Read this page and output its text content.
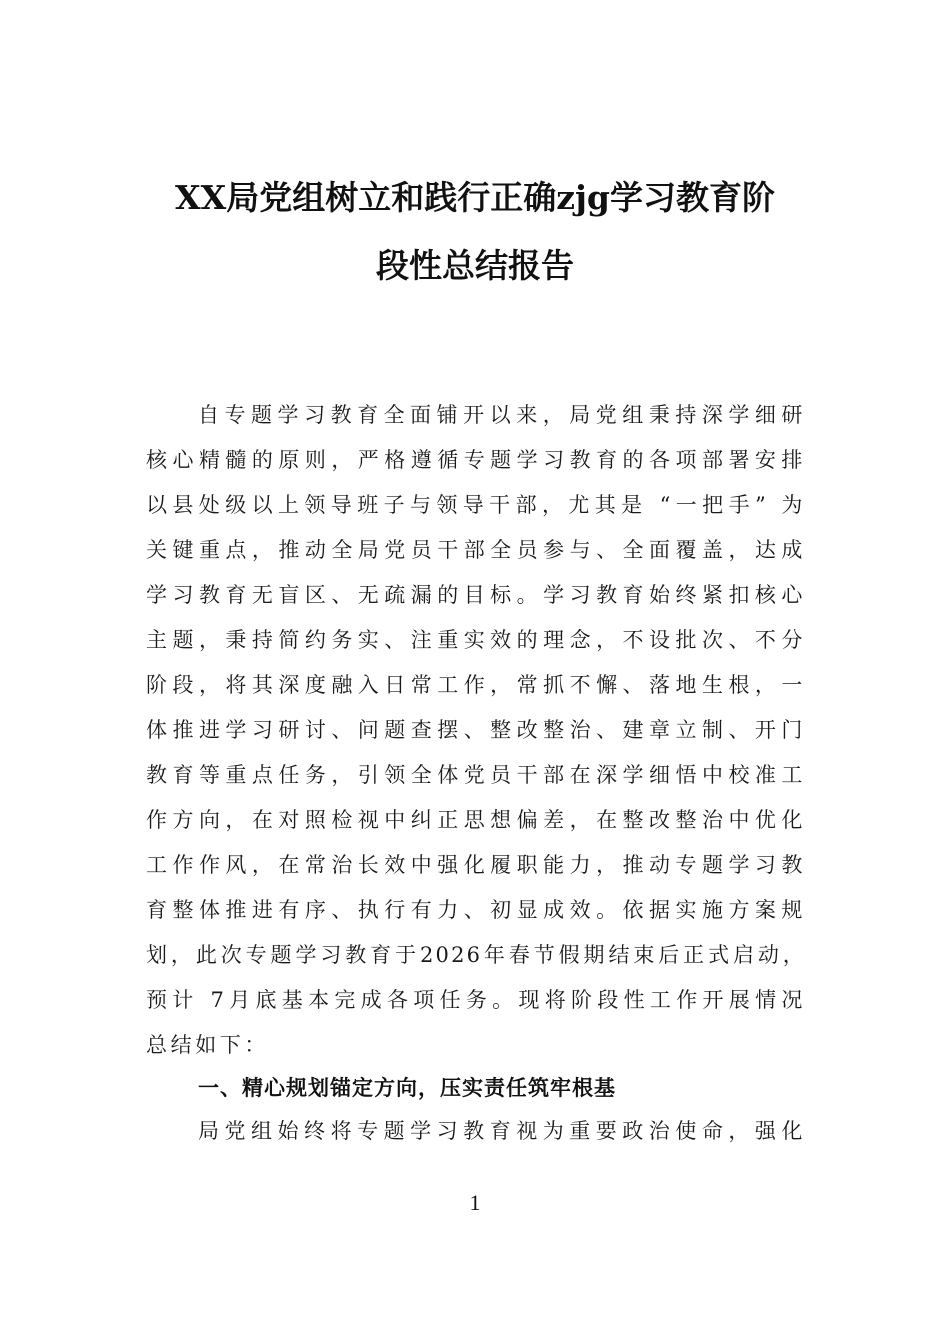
XX局党组树立和践行正确zjg学习教育阶
段性总结报告
自专题学习教育全面铺开以来，局党组秉持深学细研
核心精髓的原则，严格遵循专题学习教育的各项部署安排
以县处级以上领导班子与领导干部，尤其是 “一把手” 为
关键重点，推动全局党员干部全员参与、全面覆盖，达成
学习教育无盲区、无疏漏的目标。学习教育始终紧扣核心
主题，秉持简约务实、注重实效的理念，不设批次、不分
阶段，将其深度融入日常工作，常抓不懈、落地生根，一
体推进学习研讨、问题查摆、整改整治、建章立制、开门
教育等重点任务，引领全体党员干部在深学细悟中校准工
作方向，在对照检视中纠正思想偏差，在整改整治中优化
工作作风，在常治长效中强化履职能力，推动专题学习教
育整体推进有序、执行有力、初显成效。依据实施方案规
划，此次专题学习教育于2026年春节假期结束后正式启动，
预计 7月底基本完成各项任务。现将阶段性工作开展情况
总结如下：
一、精心规划锚定方向，压实责任筑牢根基
局党组始终将专题学习教育视为重要政治使命，强化
1
